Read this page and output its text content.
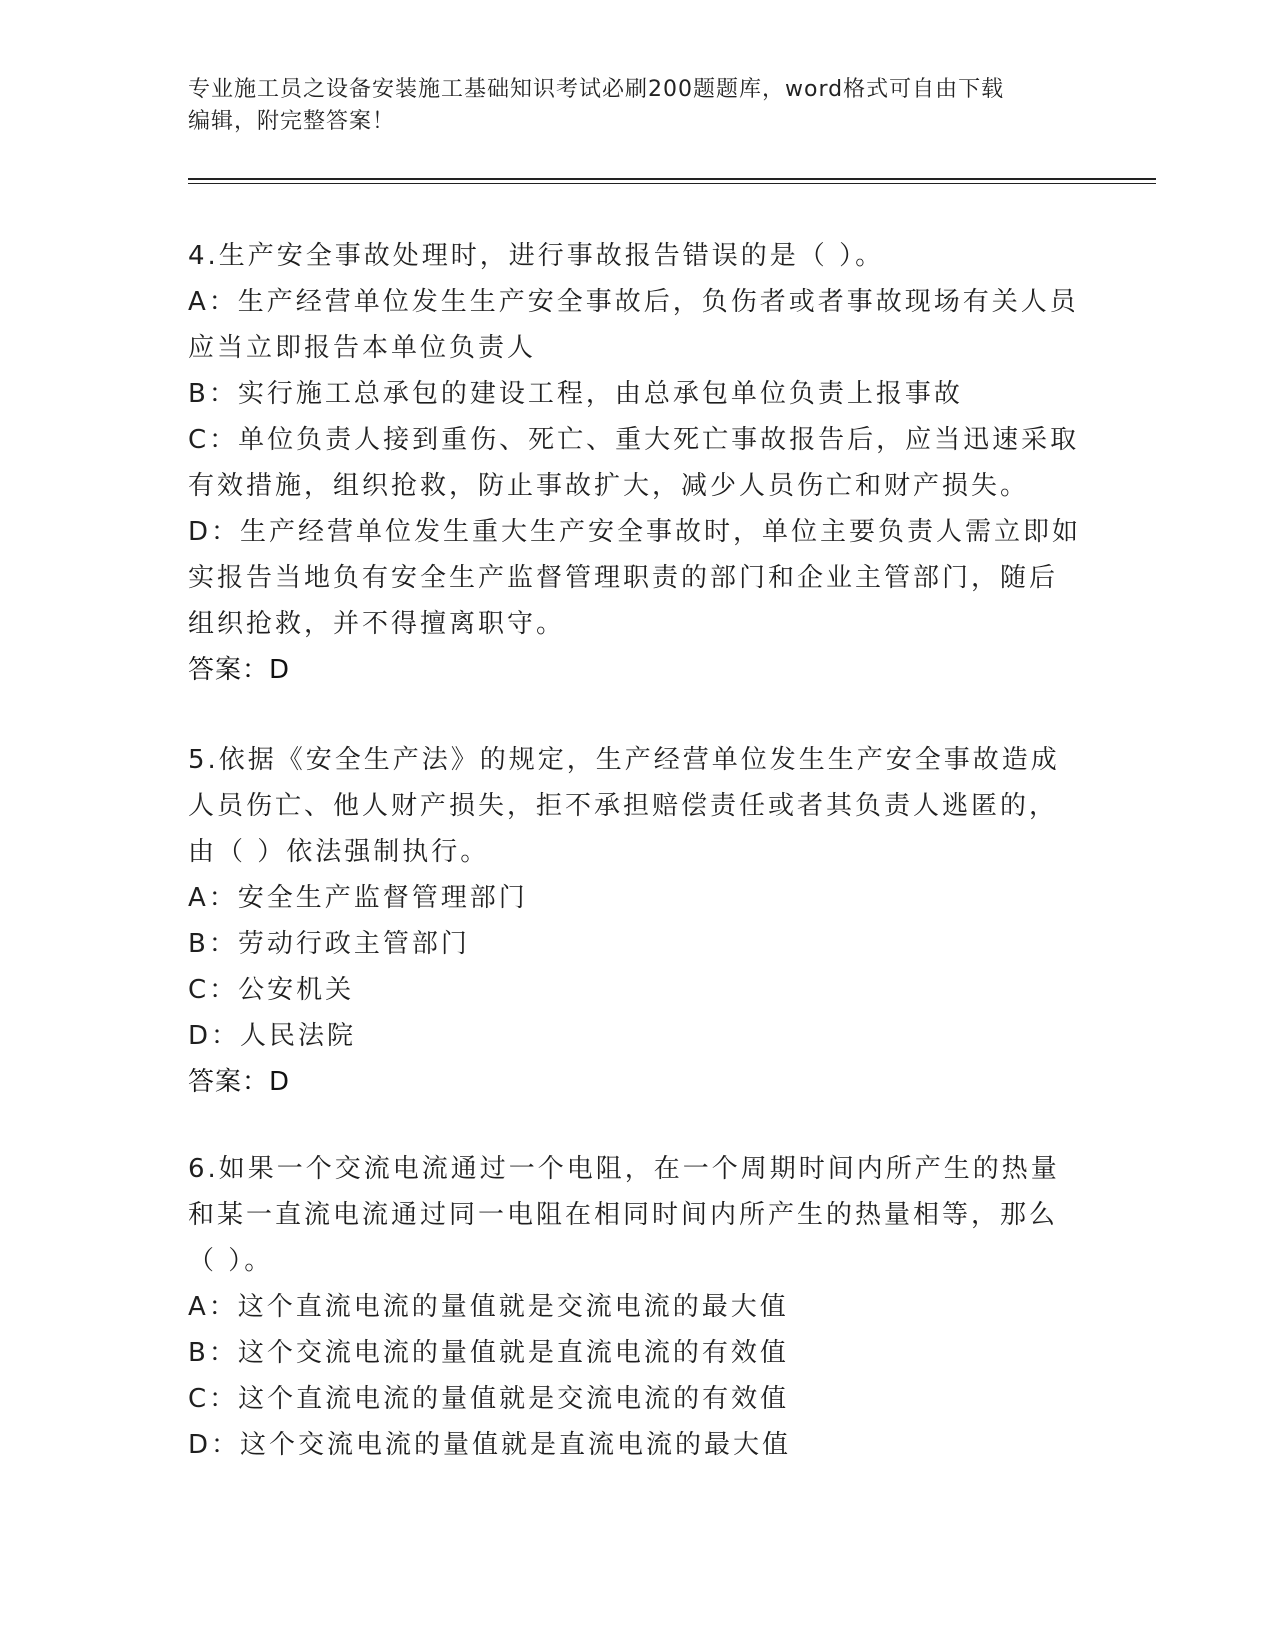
专业施工员之设备安装施工基础知识考试必刷200题题库，word格式可自由下载
编辑，附完整答案！
4.生产安全事故处理时，进行事故报告错误的是（ ）。
A：生产经营单位发生生产安全事故后，负伤者或者事故现场有关人员
应当立即报告本单位负责人
B：实行施工总承包的建设工程，由总承包单位负责上报事故
C：单位负责人接到重伤、死亡、重大死亡事故报告后，应当迅速采取
有效措施，组织抢救，防止事故扩大，减少人员伤亡和财产损失。
D：生产经营单位发生重大生产安全事故时，单位主要负责人需立即如
实报告当地负有安全生产监督管理职责的部门和企业主管部门，随后
组织抢救，并不得擅离职守。
答案：D
5.依据《安全生产法》的规定，生产经营单位发生生产安全事故造成
人员伤亡、他人财产损失，拒不承担赔偿责任或者其负责人逃匿的，
由（ ）依法强制执行。
A：安全生产监督管理部门
B：劳动行政主管部门
C：公安机关
D：人民法院
答案：D
6.如果一个交流电流通过一个电阻，在一个周期时间内所产生的热量
和某一直流电流通过同一电阻在相同时间内所产生的热量相等，那么
（ ）。
A：这个直流电流的量值就是交流电流的最大值
B：这个交流电流的量值就是直流电流的有效值
C：这个直流电流的量值就是交流电流的有效值
D：这个交流电流的量值就是直流电流的最大值
